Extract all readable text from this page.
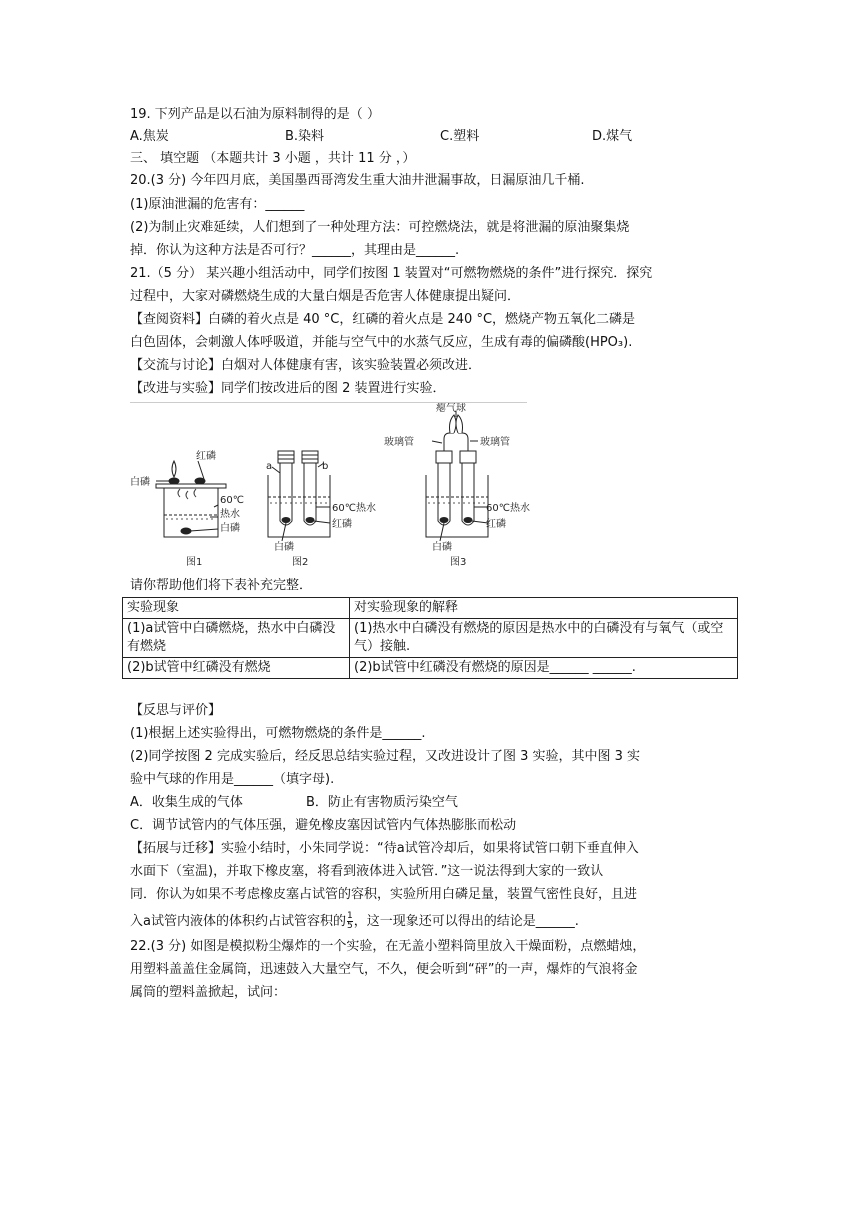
19. 下列产品是以石油为原料制得的是（ ）
A.焦炭	B.染料	C.塑料	D.煤气
三、 填空题 （本题共计 3 小题 ，共计 11 分 ，）
20.(3 分) 今年四月底，美国墨西哥湾发生重大油井泄漏事故，日漏原油几千桶.
(1)原油泄漏的危害有：______
(2)为制止灾难延续，人们想到了一种处理方法：可控燃烧法，就是将泄漏的原油聚集烧
掉．你认为这种方法是否可行？______，其理由是______.
21.（5 分） 某兴趣小组活动中，同学们按图 1 装置对“可燃物燃烧的条件”进行探究．探究
过程中，大家对磷燃烧生成的大量白烟是否危害人体健康提出疑问．
【查阅资料】白磷的着火点是 40 °C，红磷的着火点是 240 °C，燃烧产物五氧化二磷是
白色固体，会刺激人体呼吸道，并能与空气中的水蒸气反应，生成有毒的偏磷酸(HPO₃).
【交流与讨论】白烟对人体健康有害，该实验装置必须改进．
【改进与实验】同学们按改进后的图 2 装置进行实验．
红磷
白磷
60℃
热水
白磷
图1
a	b
60℃热水
红磷
白磷
图2
瘪气球
玻璃管	玻璃管
60℃热水
红磷
白磷
图3
请你帮助他们将下表补充完整．
实验现象	对实验现象的解释
(1)a试管中白磷燃烧，热水中白磷没有燃烧	(1)热水中白磷没有燃烧的原因是热水中的白磷没有与氧气（或空气）接触.
(2)b试管中红磷没有燃烧	(2)b试管中红磷没有燃烧的原因是______ ______.
【反思与评价】
(1)根据上述实验得出，可燃物燃烧的条件是______.
(2)同学按图 2 完成实验后，经反思总结实验过程，又改进设计了图 3 实验，其中图 3 实
验中气球的作用是______（填字母).
A．收集生成的气体	B．防止有害物质污染空气
C．调节试管内的气体压强，避免橡皮塞因试管内气体热膨胀而松动
【拓展与迁移】实验小结时，小朱同学说：“待a试管冷却后，如果将试管口朝下垂直伸入
水面下（室温)，并取下橡皮塞，将看到液体进入试管．”这一说法得到大家的一致认
同．你认为如果不考虑橡皮塞占试管的容积，实验所用白磷足量，装置气密性良好，且进
入a试管内液体的体积约占试管容积的 $\frac{1}{5}$ ，这一现象还可以得出的结论是______.
22.(3 分) 如图是模拟粉尘爆炸的一个实验，在无盖小塑料筒里放入干燥面粉，点燃蜡烛，
用塑料盖盖住金属筒，迅速鼓入大量空气，不久，便会听到“砰”的一声，爆炸的气浪将金
属筒的塑料盖掀起，试问：
